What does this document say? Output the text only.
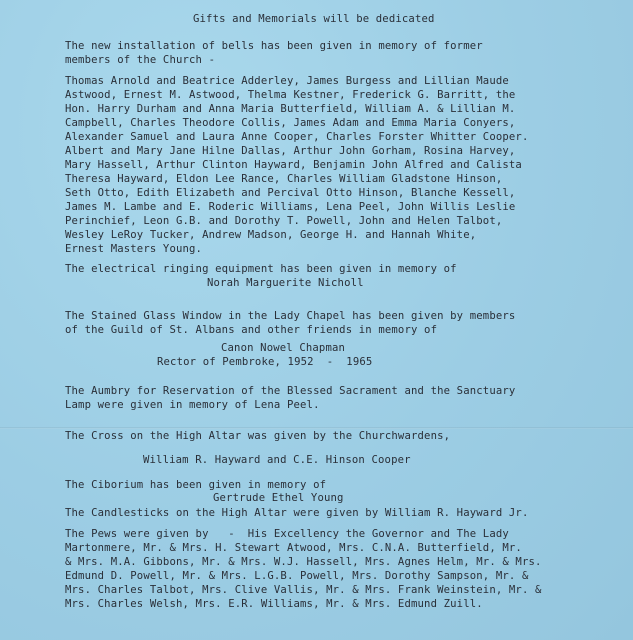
Gifts and Memorials will be dedicated
The new installation of bells has been given in memory of former
members of the Church -
Thomas Arnold and Beatrice Adderley, James Burgess and Lillian Maude
Astwood, Ernest M. Astwood, Thelma Kestner, Frederick G. Barritt, the
Hon. Harry Durham and Anna Maria Butterfield, William A. & Lillian M.
Campbell, Charles Theodore Collis, James Adam and Emma Maria Conyers,
Alexander Samuel and Laura Anne Cooper, Charles Forster Whitter Cooper.
Albert and Mary Jane Hilne Dallas, Arthur John Gorham, Rosina Harvey,
Mary Hassell, Arthur Clinton Hayward, Benjamin John Alfred and Calista
Theresa Hayward, Eldon Lee Rance, Charles William Gladstone Hinson,
Seth Otto, Edith Elizabeth and Percival Otto Hinson, Blanche Kessell,
James M. Lambe and E. Roderic Williams, Lena Peel, John Willis Leslie
Perinchief, Leon G.B. and Dorothy T. Powell, John and Helen Talbot,
Wesley LeRoy Tucker, Andrew Madson, George H. and Hannah White,
Ernest Masters Young.
The electrical ringing equipment has been given in memory of
Norah Marguerite Nicholl
The Stained Glass Window in the Lady Chapel has been given by members
of the Guild of St. Albans and other friends in memory of
Canon Nowel Chapman
Rector of Pembroke, 1952  -  1965
The Aumbry for Reservation of the Blessed Sacrament and the Sanctuary
Lamp were given in memory of Lena Peel.
The Cross on the High Altar was given by the Churchwardens,
William R. Hayward and C.E. Hinson Cooper
The Ciborium has been given in memory of
Gertrude Ethel Young
The Candlesticks on the High Altar were given by William R. Hayward Jr.
The Pews were given by   -  His Excellency the Governor and The Lady
Martonmere, Mr. & Mrs. H. Stewart Atwood, Mrs. C.N.A. Butterfield, Mr.
& Mrs. M.A. Gibbons, Mr. & Mrs. W.J. Hassell, Mrs. Agnes Helm, Mr. & Mrs.
Edmund D. Powell, Mr. & Mrs. L.G.B. Powell, Mrs. Dorothy Sampson, Mr. &
Mrs. Charles Talbot, Mrs. Clive Vallis, Mr. & Mrs. Frank Weinstein, Mr. &
Mrs. Charles Welsh, Mrs. E.R. Williams, Mr. & Mrs. Edmund Zuill.
